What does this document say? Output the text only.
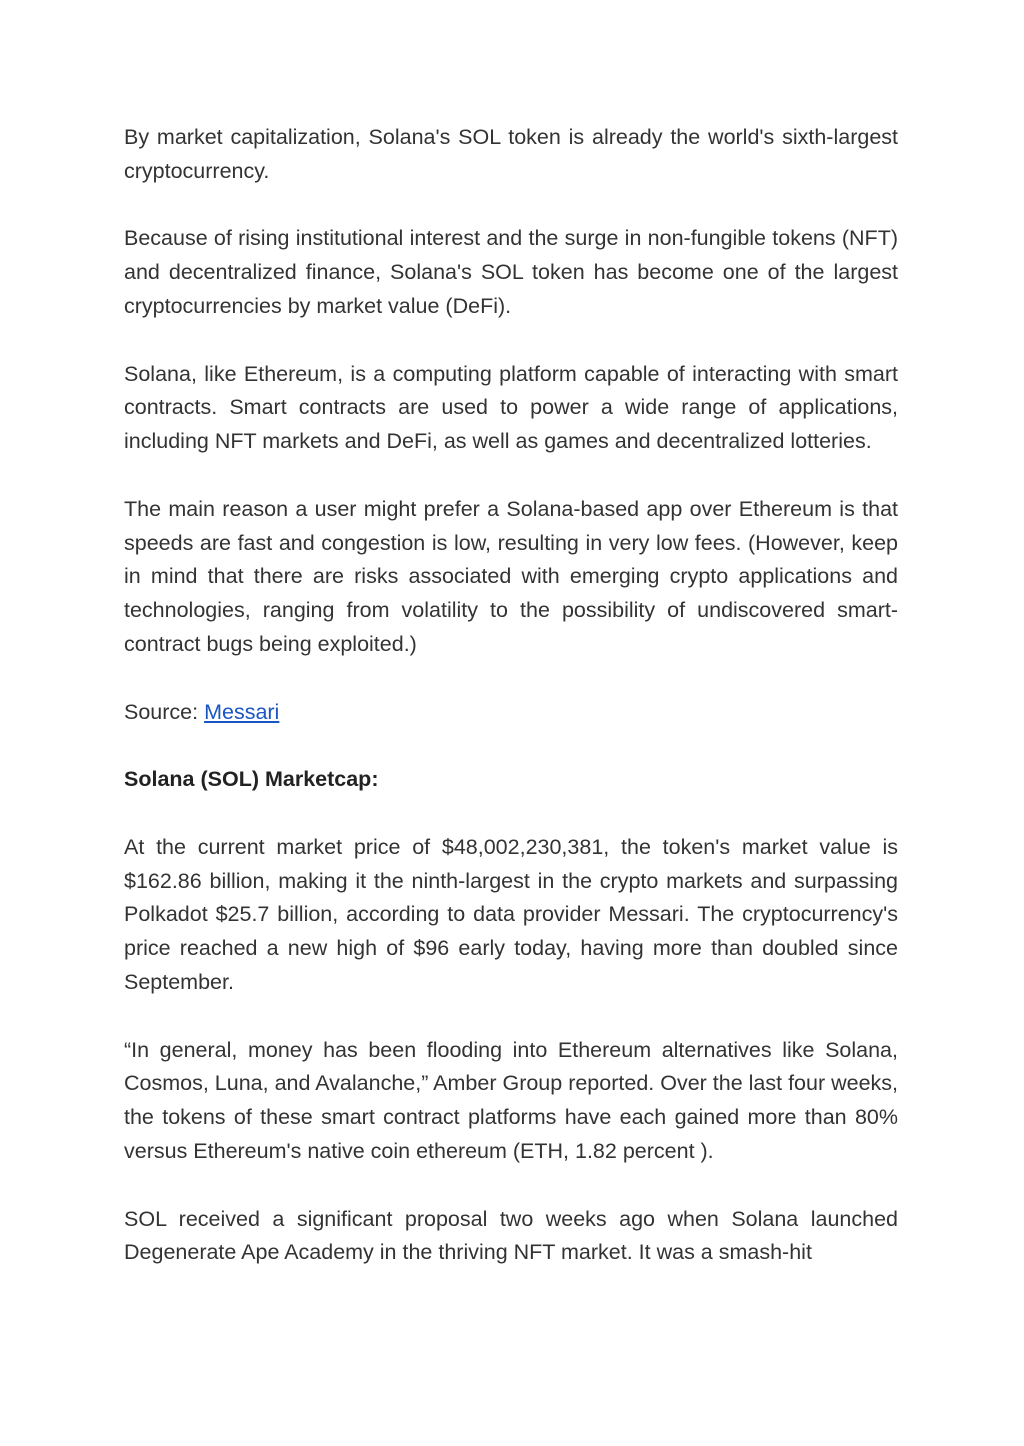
By market capitalization, Solana's SOL token is already the world's sixth-largest cryptocurrency.

Because of rising institutional interest and the surge in non-fungible tokens (NFT) and decentralized finance, Solana's SOL token has become one of the largest cryptocurrencies by market value (DeFi).

Solana, like Ethereum, is a computing platform capable of interacting with smart contracts. Smart contracts are used to power a wide range of applications, including NFT markets and DeFi, as well as games and decentralized lotteries.

The main reason a user might prefer a Solana-based app over Ethereum is that speeds are fast and congestion is low, resulting in very low fees. (However, keep in mind that there are risks associated with emerging crypto applications and technologies, ranging from volatility to the possibility of undiscovered smart-contract bugs being exploited.)

Source: Messari

Solana (SOL) Marketcap:

At the current market price of $48,002,230,381, the token's market value is $162.86 billion, making it the ninth-largest in the crypto markets and surpassing Polkadot $25.7 billion, according to data provider Messari. The cryptocurrency's price reached a new high of $96 early today, having more than doubled since September.

“In general, money has been flooding into Ethereum alternatives like Solana, Cosmos, Luna, and Avalanche,” Amber Group reported. Over the last four weeks, the tokens of these smart contract platforms have each gained more than 80% versus Ethereum's native coin ethereum (ETH, 1.82 percent ).

SOL received a significant proposal two weeks ago when Solana launched Degenerate Ape Academy in the thriving NFT market. It was a smash-hit
